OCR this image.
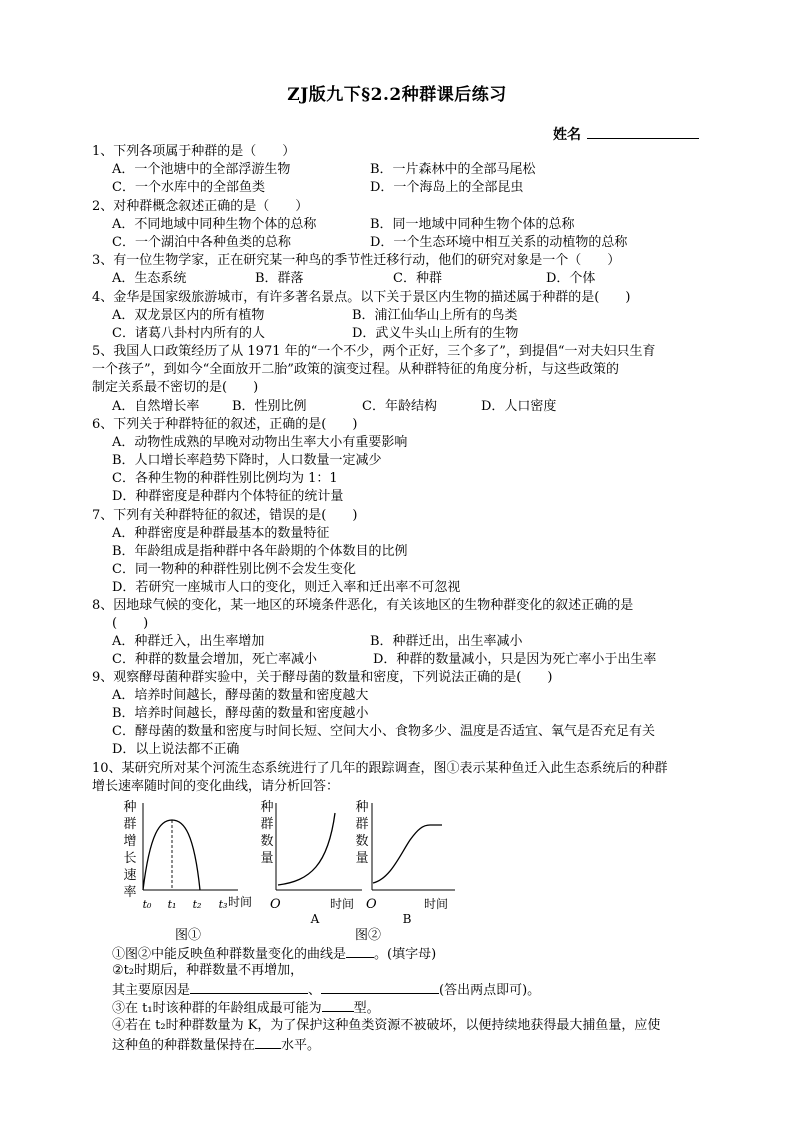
ZJ版九下§2.2种群课后练习
姓名
1、下列各项属于种群的是（　　）
A．一个池塘中的全部浮游生物	B．一片森林中的全部马尾松
C．一个水库中的全部鱼类	D．一个海岛上的全部昆虫
2、对种群概念叙述正确的是（　　）
A．不同地域中同种生物个体的总称	B．同一地域中同种生物个体的总称
C．一个湖泊中各种鱼类的总称	D．一个生态环境中相互关系的动植物的总称
3、有一位生物学家，正在研究某一种鸟的季节性迁移行动，他们的研究对象是一个（　　）
A．生态系统	B．群落	C．种群	D．个体
4、金华是国家级旅游城市，有许多著名景点。以下关于景区内生物的描述属于种群的是(　　)
A．双龙景区内的所有植物	B．浦江仙华山上所有的鸟类
C．诸葛八卦村内所有的人	D．武义牛头山上所有的生物
5、我国人口政策经历了从 1971 年的“一个不少，两个正好，三个多了”，到提倡“一对夫妇只生育
一个孩子”，到如今“全面放开二胎”政策的演变过程。从种群特征的角度分析，与这些政策的
制定关系最不密切的是(　　)
A．自然增长率	B．性别比例	C．年龄结构	D．人口密度
6、下列关于种群特征的叙述，正确的是(　　)
A．动物性成熟的早晚对动物出生率大小有重要影响
B．人口增长率趋势下降时，人口数量一定减少
C．各种生物的种群性别比例均为 1：1
D．种群密度是种群内个体特征的统计量
7、下列有关种群特征的叙述，错误的是(　　)
A．种群密度是种群最基本的数量特征
B．年龄组成是指种群中各年龄期的个体数目的比例
C．同一物种的种群性别比例不会发生变化
D．若研究一座城市人口的变化，则迁入率和迁出率不可忽视
8、因地球气候的变化，某一地区的环境条件恶化，有关该地区的生物种群变化的叙述正确的是
(　　)
A．种群迁入，出生率增加	B．种群迁出，出生率减小
C．种群的数量会增加，死亡率减小	D．种群的数量减小，只是因为死亡率小于出生率
9、观察酵母菌种群实验中，关于酵母菌的数量和密度，下列说法正确的是(　　)
A．培养时间越长，酵母菌的数量和密度越大
B．培养时间越长，酵母菌的数量和密度越小
C．酵母菌的数量和密度与时间长短、空间大小、食物多少、温度是否适宜、氧气是否充足有关
D．以上说法都不正确
10、某研究所对某个河流生态系统进行了几年的跟踪调查，图①表示某种鱼迁入此生态系统后的种群
增长速率随时间的变化曲线，请分析回答：
种
群
增
长
速
率
t₀ t₁ t₂ t₃ 时间
图①
种
群
数
量
O	时间
A
种
群
数
量
O	时间
B
图②
①图②中能反映鱼种群数量变化的曲线是 。(填字母)
②t₂时期后，种群数量不再增加，
其主要原因是	、	(答出两点即可)。
③在 t₁时该种群的年龄组成最可能为 型。
④若在 t₂时种群数量为 K，为了保护这种鱼类资源不被破坏，以便持续地获得最大捕鱼量，应使
这种鱼的种群数量保持在 水平。
